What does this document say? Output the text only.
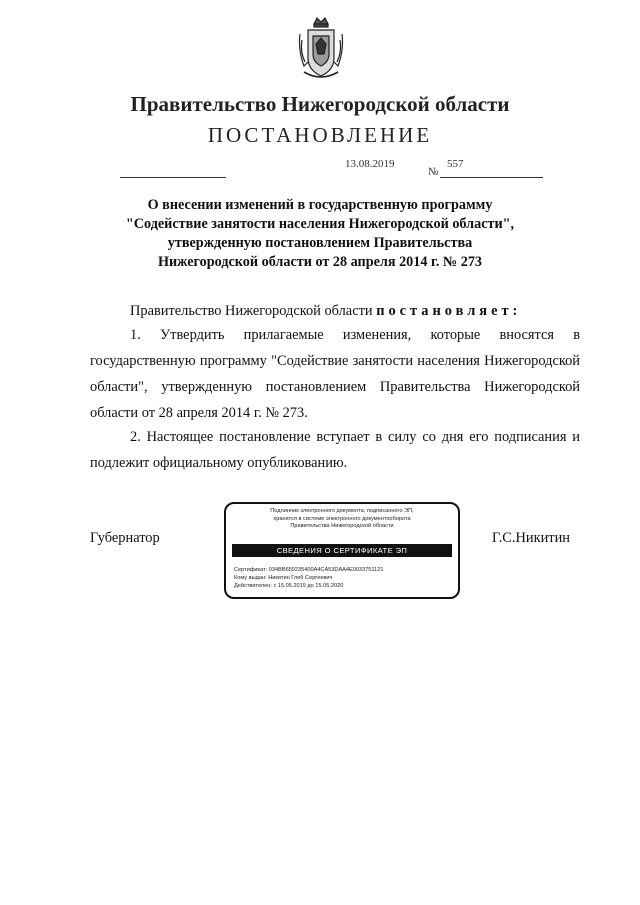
Правительство Нижегородской области
ПОСТАНОВЛЕНИЕ
13.08.2019
№
557
О внесении изменений в государственную программу
"Содействие занятости населения Нижегородской области",
утвержденную постановлением Правительства
Нижегородской области от 28 апреля 2014 г. № 273
Правительство Нижегородской области постановляет:
1. Утвердить прилагаемые изменения, которые вносятся в государственную программу "Содействие занятости населения Нижегородской области", утвержденную постановлением Правительства Нижегородской области от 28 апреля 2014 г. № 273.
2. Настоящее постановление вступает в силу со дня его подписания и подлежит официальному опубликованию.
Губернатор
Подлинник электронного документа, подписанного ЭП,
хранится в системе электронного документооборота
Правительства Нижегородской области
СВЕДЕНИЯ О СЕРТИФИКАТЕ ЭП
Сертификат: 034BB659235400A4CA53DAA4E0033751121
Кому выдан: Никитин Глеб Сергеевич
Действителен: с 15.05.2019 до 15.05.2020
Г.С.Никитин
